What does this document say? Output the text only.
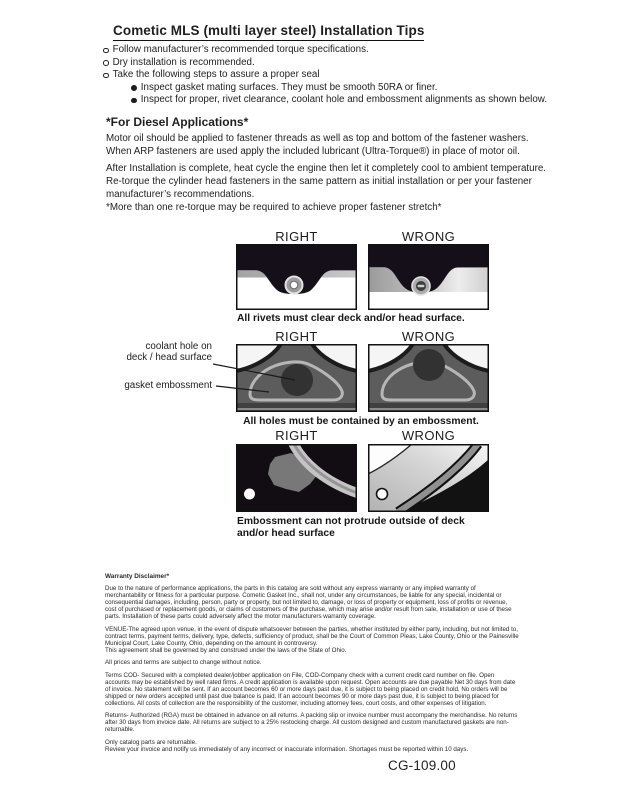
Cometic MLS (multi layer steel) Installation Tips
Follow manufacturer’s recommended torque specifications.
Dry installation is recommended.
Take the following steps to assure a proper seal
Inspect gasket mating surfaces. They must be smooth 50RA or finer.
Inspect for proper, rivet clearance, coolant hole and embossment alignments as shown below.
*For Diesel Applications*
Motor oil should be applied to fastener threads as well as top and bottom of the fastener washers. When ARP fasteners are used apply the included lubricant (Ultra-Torque®) in place of motor oil.
After Installation is complete, heat cycle the engine then let it completely cool to ambient temperature. Re-torque the cylinder head fasteners in the same pattern as initial installation or per your fastener manufacturer’s recommendations.
*More than one re-torque may be required to achieve proper fastener stretch*
RIGHT	WRONG
All rivets must clear deck and/or head surface.
RIGHT	WRONG
coolant hole on
deck / head surface
gasket embossment
All holes must be contained by an embossment.
RIGHT	WRONG
Embossment can not protrude outside of deck
and/or head surface
Warranty Disclaimer*

Due to the nature of performance applications, the parts in this catalog are sold without any express warranty or any implied warranty of merchantability or fitness for a particular purpose. Cometic Gasket Inc., shall not, under any circumstances, be liable for any special, incidental or consequential damages, including, person, party or property, but not limited to, damage, or loss of property or equipment, loss of profits or revenue, cost of purchased or replacement goods, or claims of customers of the purchase, which may arise and/or result from sale, installation or use of these parts. Installation of these parts could adversely affect the motor manufacturers warranty coverage.

VENUE-The agreed upon venue, in the event of dispute whatsoever between the parties, whether instituted by either party, including, but not limited to, contract terms, payment terms, delivery, type, defects, sufficiency of product, shall be the Court of Common Pleas, Lake County, Ohio or the Painesville Municipal Court, Lake County, Ohio, depending on the amount in controversy.

This agreement shall be governed by and construed under the laws of the State of Ohio.

All prices and terms are subject to change without notice.

Terms COD- Secured with a completed dealer/jobber application on File, COD-Company check with a current credit card number on file. Open accounts may be established by well rated firms. A credit application is available upon request. Open accounts are due payable Net 30 days from date of invoice. No statement will be sent. If an account becomes 60 or more days past due, it is subject to being placed on credit hold. No orders will be shipped or new orders accepted until past due balance is paid. If an account becomes 90 or more days past due, it is subject to being placed for collections. All costs of collection are the responsibility of the customer, including attorney fees, court costs, and other expenses of litigation.

Returns- Authorized (RGA) must be obtained in advance on all returns. A packing slip or invoice number must accompany the merchandise. No returns after 30 days from invoice date. All returns are subject to a 25% restocking charge. All custom designed and custom manufactured gaskets are non-returnable.

Only catalog parts are returnable.

Review your invoice and notify us immediately of any incorrect or inaccurate information. Shortages must be reported within 10 days.

CG-109.00
